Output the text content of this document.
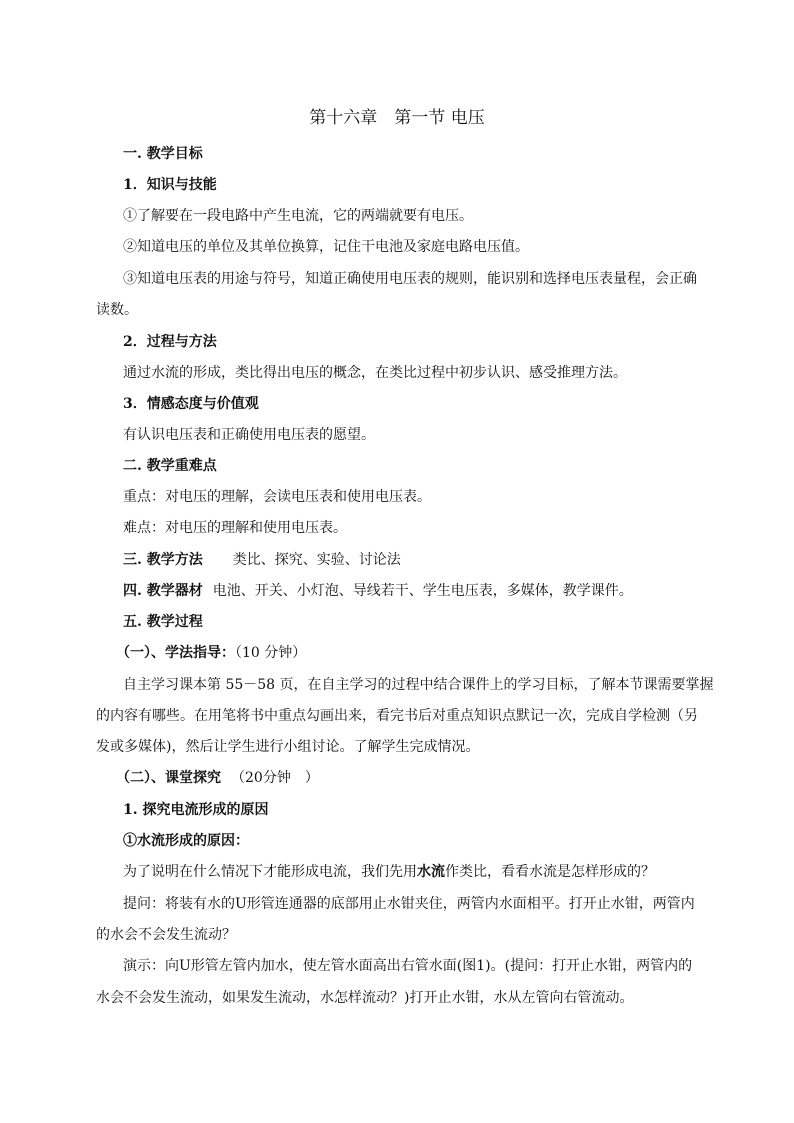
第十六章　第一节 电压
一. 教学目标
1．知识与技能
①了解要在一段电路中产生电流，它的两端就要有电压。
②知道电压的单位及其单位换算，记住干电池及家庭电路电压值。
③知道电压表的用途与符号，知道正确使用电压表的规则，能识别和选择电压表量程，会正确
读数。
2．过程与方法
通过水流的形成，类比得出电压的概念，在类比过程中初步认识、感受推理方法。
3．情感态度与价值观
有认识电压表和正确使用电压表的愿望。
二. 教学重难点
重点：对电压的理解，会读电压表和使用电压表。
难点：对电压的理解和使用电压表。
三. 教学方法 类比、探究、实验、讨论法
四. 教学器材 电池、开关、小灯泡、导线若干、学生电压表，多媒体，教学课件。
五. 教学过程
（一）、学法指导：（10 分钟）
自主学习课本第 55－58 页，在自主学习的过程中结合课件上的学习目标，了解本节课需要掌握
的内容有哪些。在用笔将书中重点勾画出来，看完书后对重点知识点默记一次，完成自学检测（另
发或多媒体)，然后让学生进行小组讨论。了解学生完成情况。
（二）、课堂探究 （20分钟　）
1. 探究电流形成的原因
①水流形成的原因：
为了说明在什么情况下才能形成电流，我们先用水流作类比，看看水流是怎样形成的？
提问：将装有水的U形管连通器的底部用止水钳夹住，两管内水面相平。打开止水钳，两管内
的水会不会发生流动？
演示：向U形管左管内加水，使左管水面高出右管水面(图1)。(提问：打开止水钳，两管内的
水会不会发生流动，如果发生流动，水怎样流动？)打开止水钳，水从左管向右管流动。
